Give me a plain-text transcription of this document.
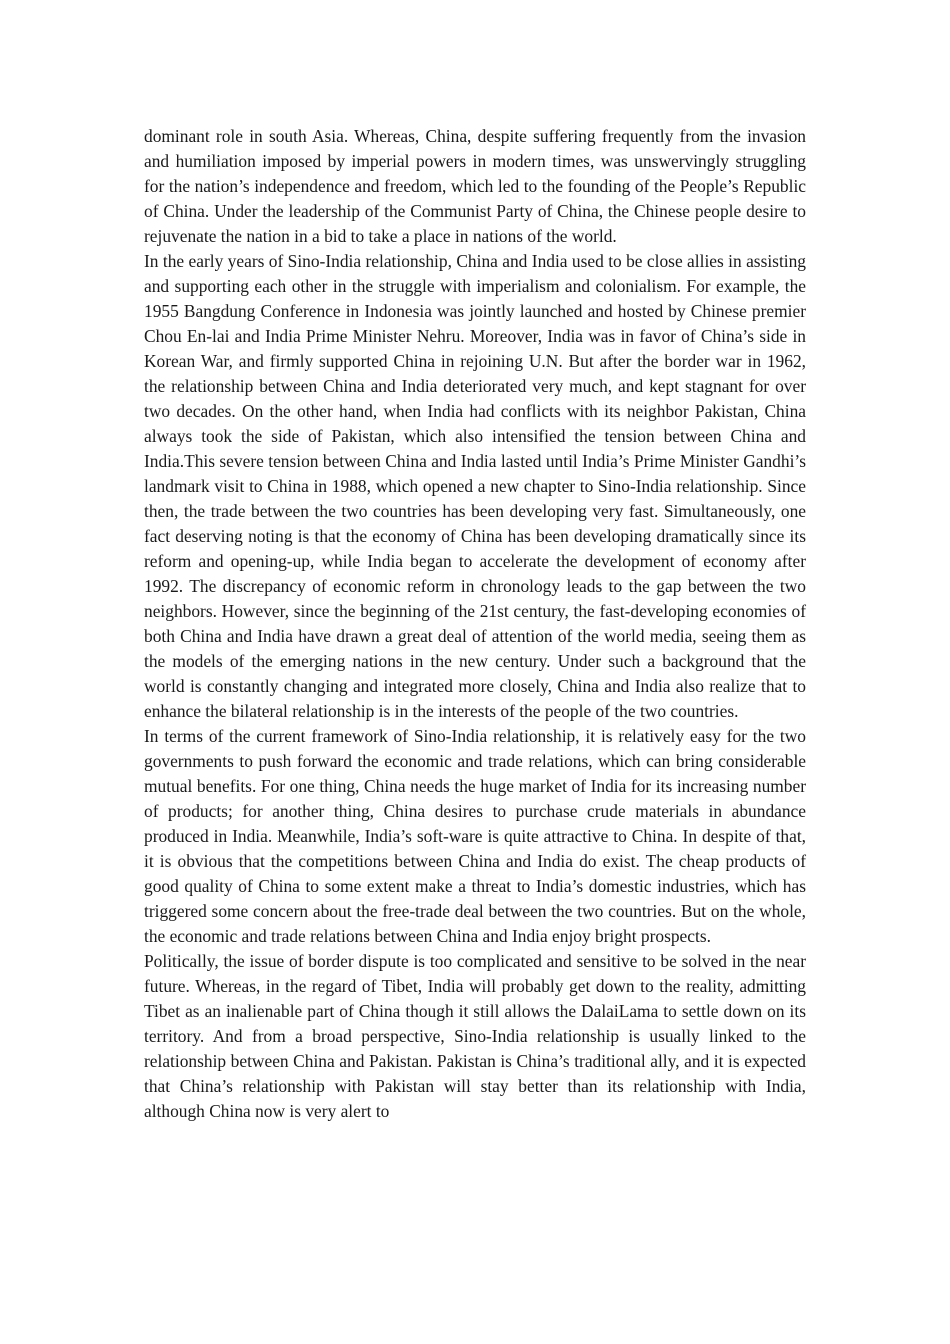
dominant role in south Asia. Whereas, China, despite suffering frequently from the invasion and humiliation imposed by imperial powers in modern times, was unswervingly struggling for the nation’s independence and freedom, which led to the founding of the People’s Republic of China. Under the leadership of the Communist Party of China, the Chinese people desire to rejuvenate the nation in a bid to take a place in nations of the world.

In the early years of Sino-India relationship, China and India used to be close allies in assisting and supporting each other in the struggle with imperialism and colonialism. For example, the 1955 Bangdung Conference in Indonesia was jointly launched and hosted by Chinese premier Chou En-lai and India Prime Minister Nehru. Moreover, India was in favor of China’s side in Korean War, and firmly supported China in rejoining U.N. But after the border war in 1962, the relationship between China and India deteriorated very much, and kept stagnant for over two decades. On the other hand, when India had conflicts with its neighbor Pakistan, China always took the side of Pakistan, which also intensified the tension between China and India.This severe tension between China and India lasted until India’s Prime Minister Gandhi’s landmark visit to China in 1988, which opened a new chapter to Sino-India relationship. Since then, the trade between the two countries has been developing very fast. Simultaneously, one fact deserving noting is that the economy of China has been developing dramatically since its reform and opening-up, while India began to accelerate the development of economy after 1992. The discrepancy of economic reform in chronology leads to the gap between the two neighbors. However, since the beginning of the 21st century, the fast-developing economies of both China and India have drawn a great deal of attention of the world media, seeing them as the models of the emerging nations in the new century. Under such a background that the world is constantly changing and integrated more closely, China and India also realize that to enhance the bilateral relationship is in the interests of the people of the two countries.

In terms of the current framework of Sino-India relationship, it is relatively easy for the two governments to push forward the economic and trade relations, which can bring considerable mutual benefits. For one thing, China needs the huge market of India for its increasing number of products; for another thing, China desires to purchase crude materials in abundance produced in India. Meanwhile, India’s soft-ware is quite attractive to China. In despite of that, it is obvious that the competitions between China and India do exist. The cheap products of good quality of China to some extent make a threat to India’s domestic industries, which has triggered some concern about the free-trade deal between the two countries. But on the whole, the economic and trade relations between China and India enjoy bright prospects.

Politically, the issue of border dispute is too complicated and sensitive to be solved in the near future. Whereas, in the regard of Tibet, India will probably get down to the reality, admitting Tibet as an inalienable part of China though it still allows the DalaiLama to settle down on its territory. And from a broad perspective, Sino-India relationship is usually linked to the relationship between China and Pakistan. Pakistan is China’s traditional ally, and it is expected that China’s relationship with Pakistan will stay better than its relationship with India, although China now is very alert to
